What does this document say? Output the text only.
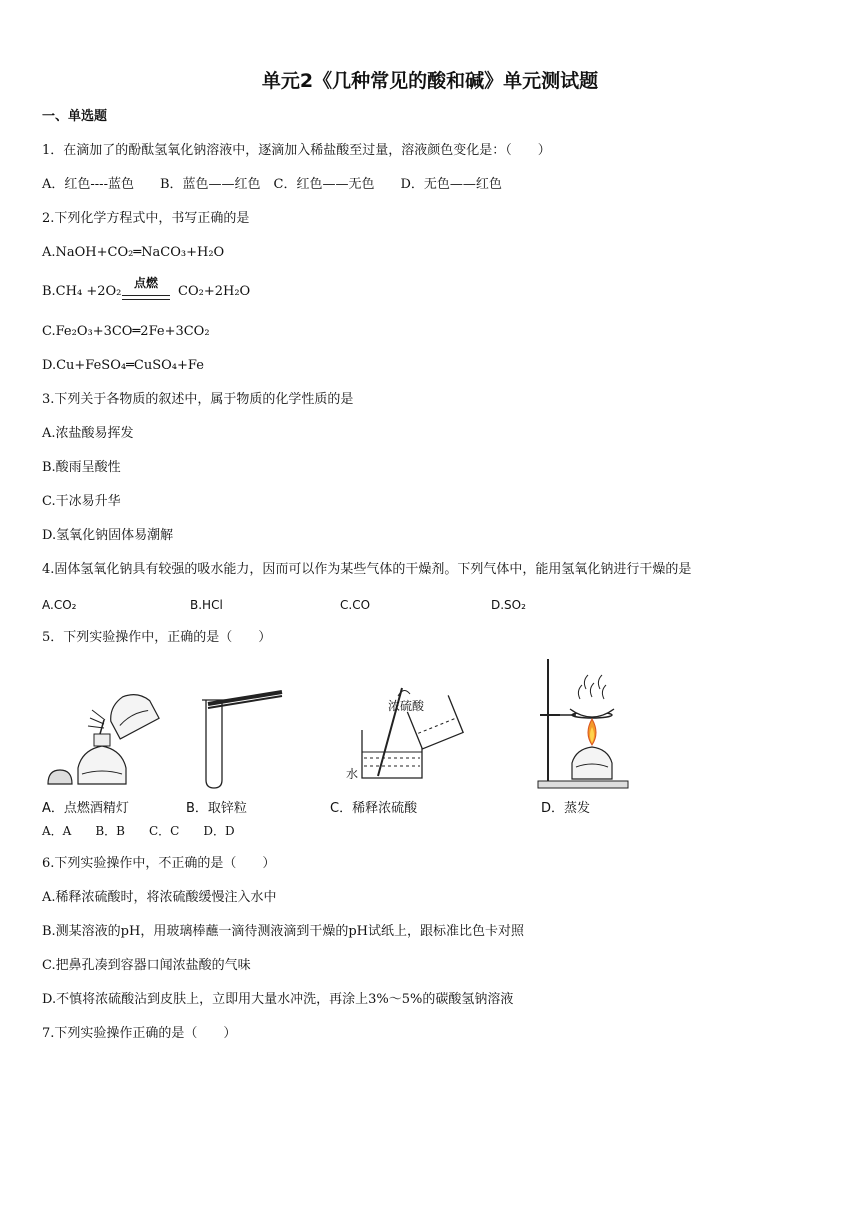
单元2《几种常见的酸和碱》单元测试题
一、单选题
1．在滴加了的酚酞氢氧化钠溶液中，逐滴加入稀盐酸至过量，溶液颜色变化是：（　　）
A．红色----蓝色　　B．蓝色——红色　C．红色——无色　　D．无色——红色
2.下列化学方程式中，书写正确的是
A.NaOH+CO₂═NaCO₃+H₂O
B.CH₄ +2O₂
点燃
CO₂+2H₂O
C.Fe₂O₃+3CO═2Fe+3CO₂
D.Cu+FeSO₄═CuSO₄+Fe
3.下列关于各物质的叙述中，属于物质的化学性质的是
A.浓盐酸易挥发
B.酸雨呈酸性
C.干冰易升华
D.氢氧化钠固体易潮解
4.固体氢氧化钠具有较强的吸水能力，因而可以作为某些气体的干燥剂。下列气体中，能用氢氧化钠进行干燥的是
A.CO₂	B.HCl	C.CO	D.SO₂
5．下列实验操作中，正确的是（　　）
A．点燃酒精灯	B．取锌粒
浓硫酸
水
C．稀释浓硫酸	D．蒸发
A．A　　B．B　　C．C　　D．D
6.下列实验操作中，不正确的是（　　）
A.稀释浓硫酸时，将浓硫酸缓慢注入水中
B.测某溶液的pH，用玻璃棒蘸一滴待测液滴到干燥的pH试纸上，跟标准比色卡对照
C.把鼻孔凑到容器口闻浓盐酸的气味
D.不慎将浓硫酸沾到皮肤上，立即用大量水冲洗，再涂上3%～5%的碳酸氢钠溶液
7.下列实验操作正确的是（　　）
